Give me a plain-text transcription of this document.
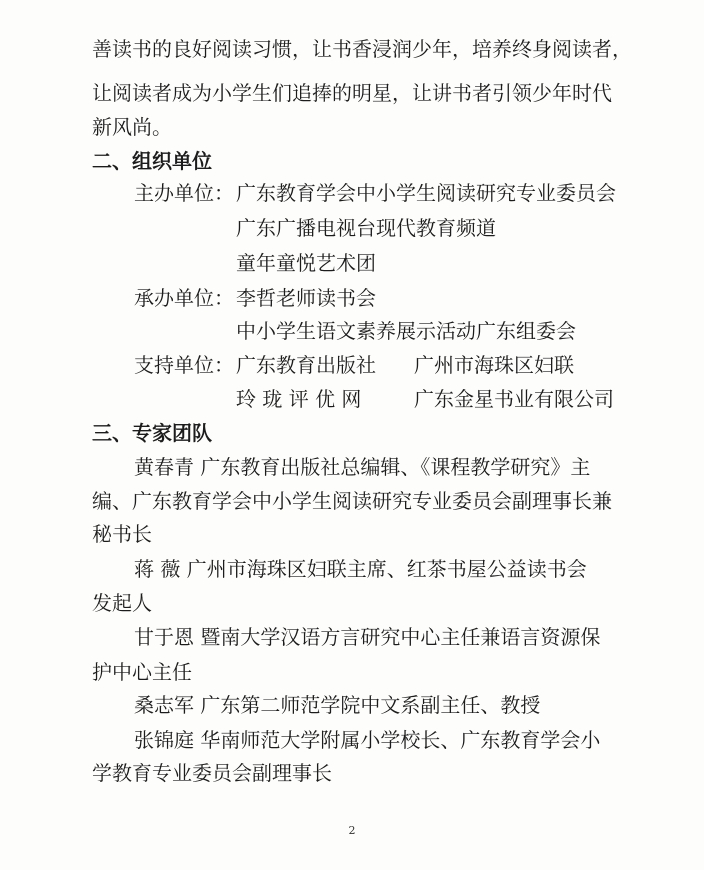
善读书的良好阅读习惯，让书香浸润少年，培养终身阅读者，
让阅读者成为小学生们追捧的明星，让讲书者引领少年时代
新风尚。
二、组织单位
主办单位： 广东教育学会中小学生阅读研究专业委员会
广东广播电视台现代教育频道
童年童悦艺术团
承办单位： 李哲老师读书会
中小学生语文素养展示活动广东组委会
支持单位： 广东教育出版社 广州市海珠区妇联
玲 珑 评 优 网	广东金星书业有限公司
三、专家团队
黄春青 广东教育出版社总编辑、《课程教学研究》主
编、广东教育学会中小学生阅读研究专业委员会副理事长兼
秘书长
蒋 薇 广州市海珠区妇联主席、红茶书屋公益读书会
发起人
甘于恩 暨南大学汉语方言研究中心主任兼语言资源保
护中心主任
桑志军 广东第二师范学院中文系副主任、教授
张锦庭 华南师范大学附属小学校长、广东教育学会小
学教育专业委员会副理事长
2
